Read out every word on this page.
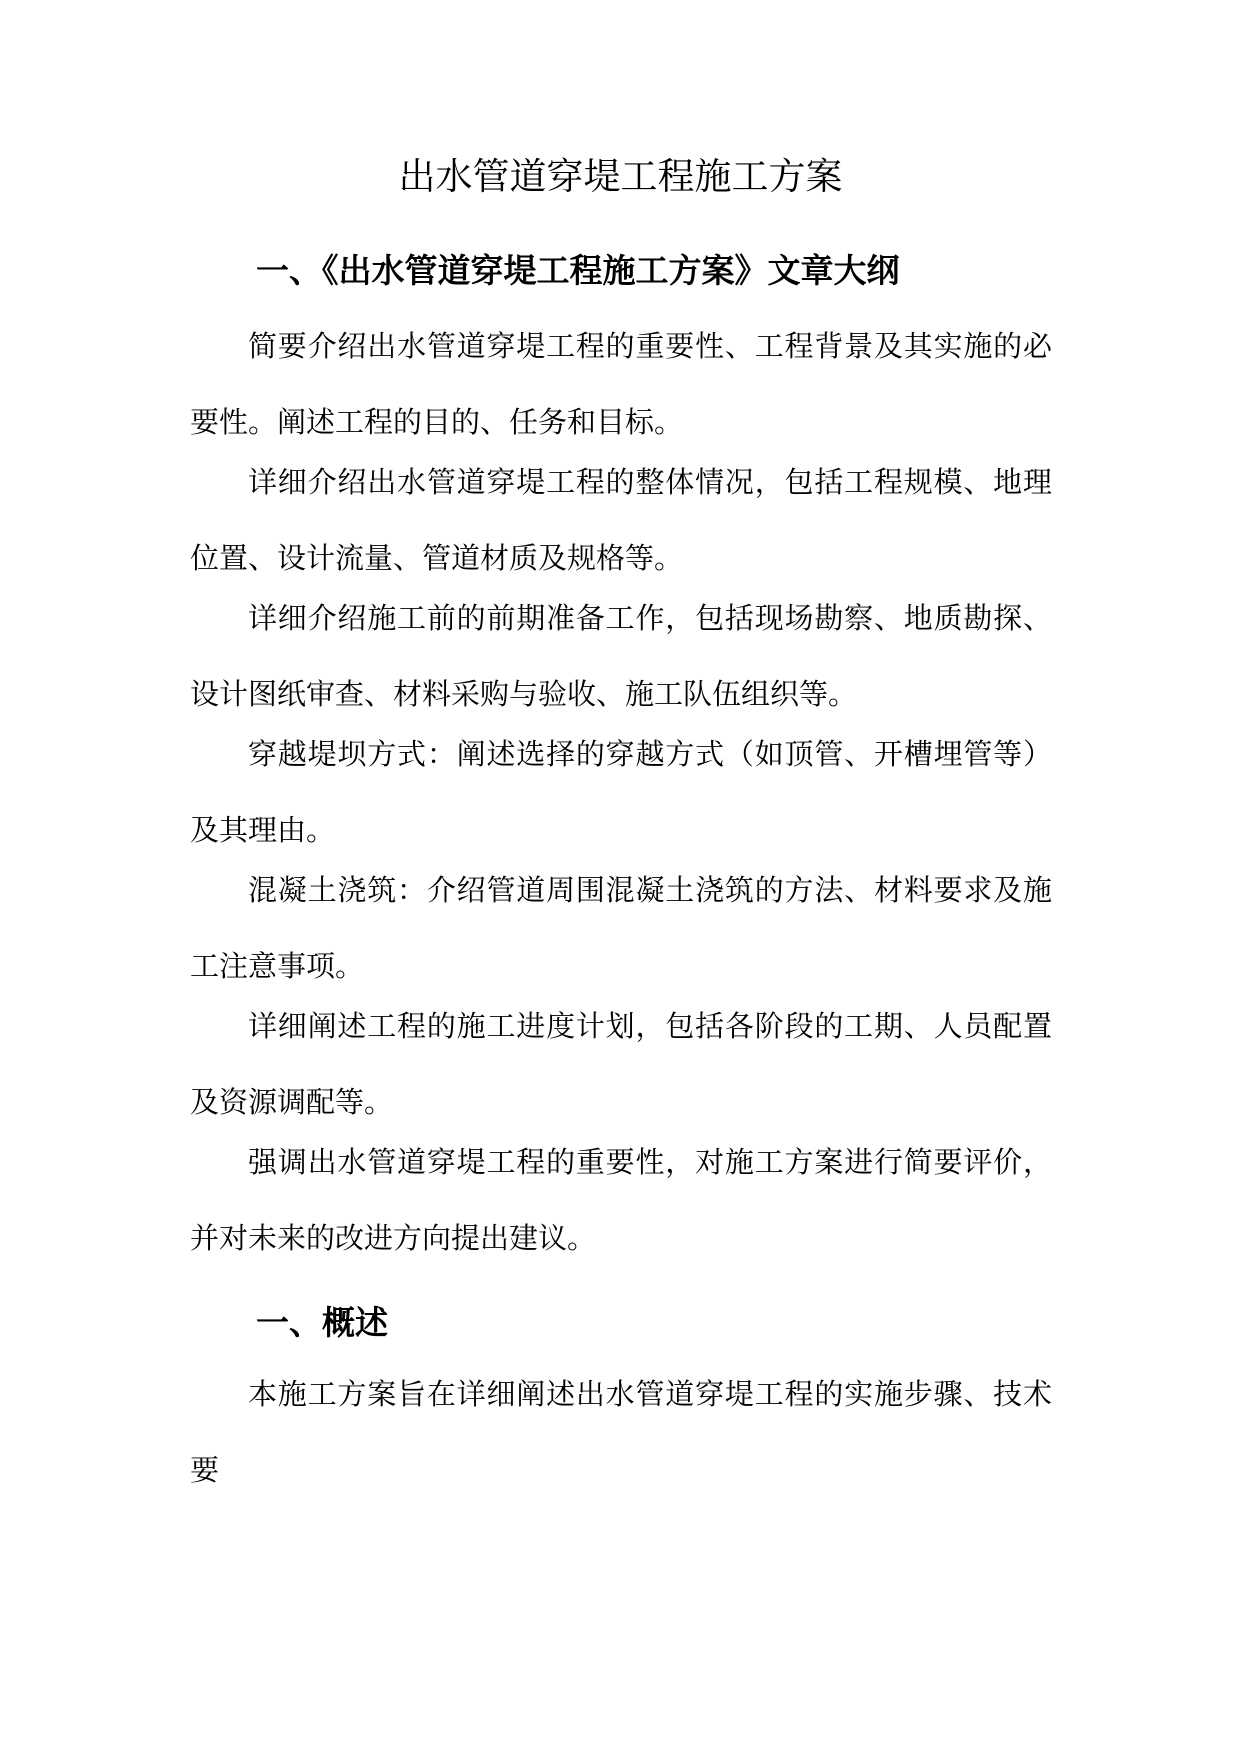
出水管道穿堤工程施工方案
一、《出水管道穿堤工程施工方案》文章大纲

简要介绍出水管道穿堤工程的重要性、工程背景及其实施的必要性。阐述工程的目的、任务和目标。

详细介绍出水管道穿堤工程的整体情况，包括工程规模、地理位置、设计流量、管道材质及规格等。

详细介绍施工前的前期准备工作，包括现场勘察、地质勘探、设计图纸审查、材料采购与验收、施工队伍组织等。

穿越堤坝方式：阐述选择的穿越方式（如顶管、开槽埋管等）及其理由。

混凝土浇筑：介绍管道周围混凝土浇筑的方法、材料要求及施工注意事项。

详细阐述工程的施工进度计划，包括各阶段的工期、人员配置及资源调配等。

强调出水管道穿堤工程的重要性，对施工方案进行简要评价，并对未来的改进方向提出建议。

一、概述

本施工方案旨在详细阐述出水管道穿堤工程的实施步骤、技术要
